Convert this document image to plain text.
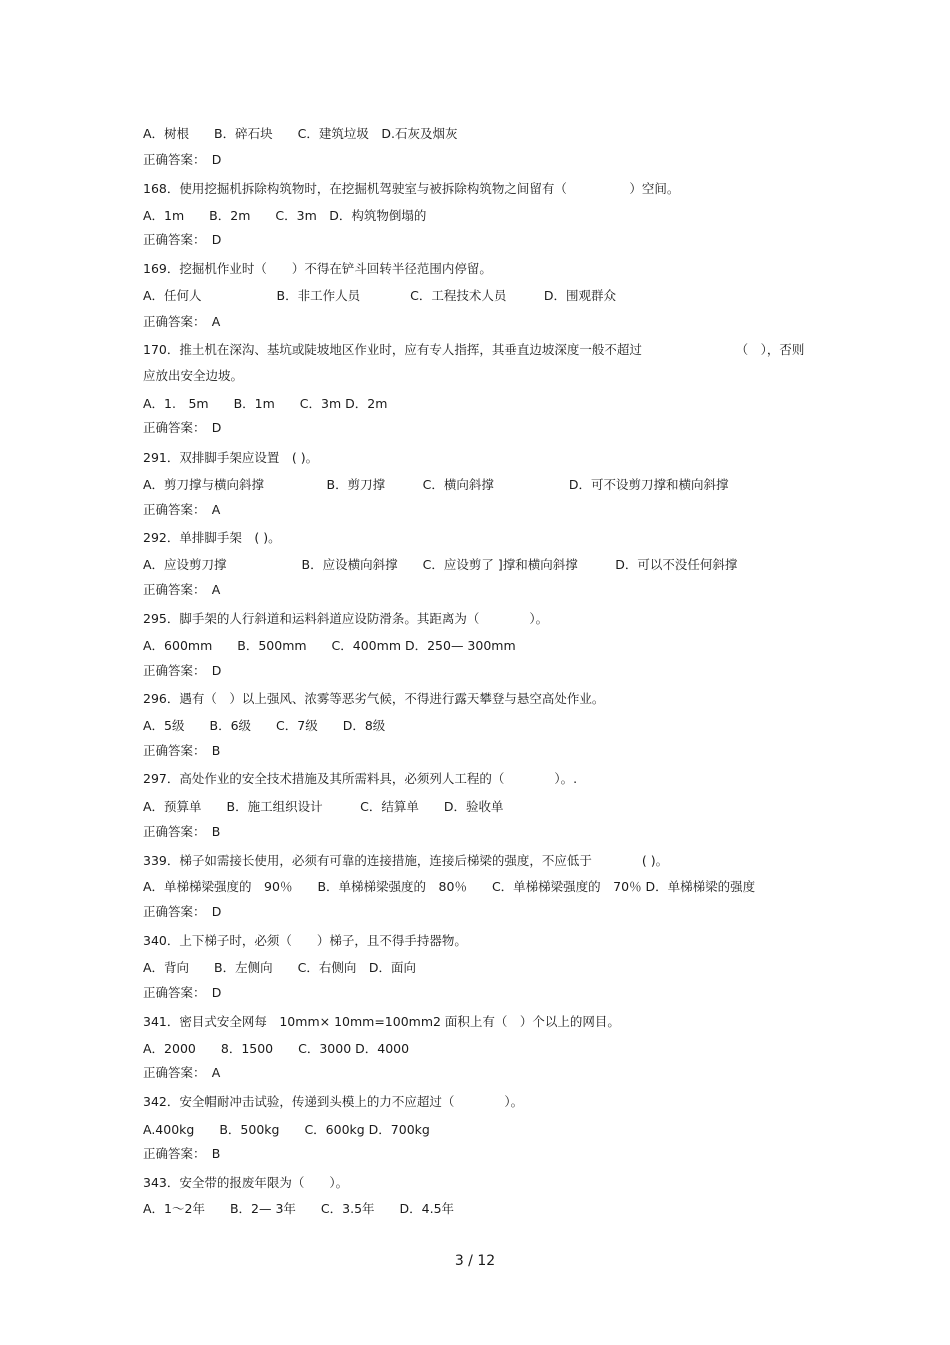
A．树根　　B．碎石块　　C．建筑垃圾　D.石灰及烟灰
正确答案：　D
168．使用挖掘机拆除构筑物时，在挖掘机驾驶室与被拆除构筑物之间留有（　　　　　）空间。
A．1m　　B．2m　　C．3m　D．构筑物倒塌的
正确答案：　D
169．挖掘机作业时（　　）不得在铲斗回转半径范围内停留。
A．任何人　　　　　　B．非工作人员　　　　C．工程技术人员　　　D．围观群众
正确答案：　A
170．推土机在深沟、基坑或陡坡地区作业时，应有专人指挥，其垂直边坡深度一般不超过　　　　　　　　（　），否则
应放出安全边坡。
A．1.　5m　　B．1m　　C．3m D．2m
正确答案：　D
291．双排脚手架应设置　( )。
A．剪刀撑与横向斜撑　　　　　B．剪刀撑　　　C．横向斜撑　　　　　　D．可不设剪刀撑和横向斜撑
正确答案：　A
292．单排脚手架　( )。
A．应设剪刀撑　　　　　　B．应设横向斜撑　　C．应设剪了 ]撑和横向斜撑　　　D．可以不没任何斜撑
正确答案：　A
295．脚手架的人行斜道和运料斜道应设防滑条。其距离为（　　　　）。
A．600mm　　B．500mm　　C．400mm D．250— 300mm
正确答案：　D
296．遇有（　）以上强风、浓雾等恶劣气候，不得进行露天攀登与悬空高处作业。
A．5级　　B．6级　　C．7级　　D．8级
正确答案：　B
297．高处作业的安全技术措施及其所需料具，必须列人工程的（　　　　）。.
A．预算单　　B．施工组织设计　　　C．结算单　　D．验收单
正确答案：　B
339．梯子如需接长使用，必须有可靠的连接措施，连接后梯梁的强度，不应低于　　　　( )。
A．单梯梯梁强度的　90％　　B．单梯梯梁强度的　80％　　C．单梯梯梁强度的　70％ D．单梯梯梁的强度
正确答案：　D
340．上下梯子时，必须（　　）梯子，且不得手持器物。
A．背向　　B．左侧向　　C．右侧向　D．面向
正确答案：　D
341．密目式安全网每　10mm× 10mm=100mm2 面积上有（　）个以上的网目。
A．2000　　8．1500　　C．3000 D．4000
正确答案：　A
342．安全帽耐冲击试验，传递到头模上的力不应超过（　　　　）。
A.400kg　　B．500kg　　C．600kg D．700kg
正确答案：　B
343．安全带的报废年限为（　　）。
A．1～2年　　B．2— 3年　　C．3.5年　　D．4.5年
3 / 12
